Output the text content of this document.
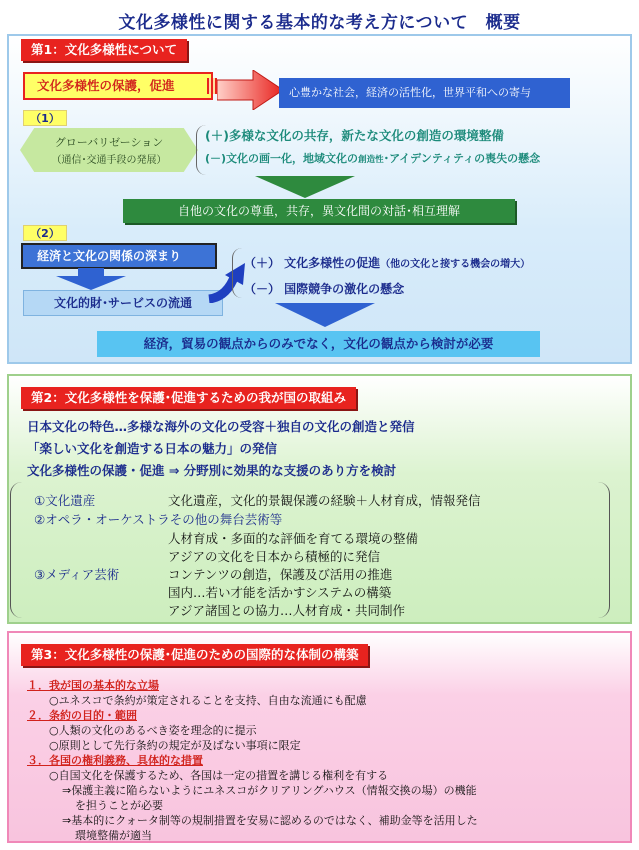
文化多様性に関する基本的な考え方について　概要
第1：文化多様性について
文化多様性の保護，促進	心豊かな社会，経済の活性化，世界平和への寄与
（1）
グローバリゼーション
（通信･交通手段の発展）
(＋)多様な文化の共存，新たな文化の創造の環境整備
(－)文化の画一化，地域文化の創造性･アイデンティティの喪失の懸念
自他の文化の尊重，共存，異文化間の対話･相互理解
（2）
経済と文化の関係の深まり
文化的財･サービスの流通
（＋） 文化多様性の促進（他の文化と接する機会の増大）
（－） 国際競争の激化の懸念
経済，貿易の観点からのみでなく，文化の観点から検討が必要
第2：文化多様性を保護･促進するための我が国の取組み
日本文化の特色…多様な海外の文化の受容＋独自の文化の創造と発信
「楽しい文化を創造する日本の魅力」の発信
文化多様性の保護・促進 ⇒ 分野別に効果的な支援のあり方を検討
①文化遺産	文化遺産，文化的景観保護の経験＋人材育成，情報発信
②オペラ・オーケストラその他の舞台芸術等
人材育成・多面的な評価を育てる環境の整備
アジアの文化を日本から積極的に発信
③メディア芸術	コンテンツの創造，保護及び活用の推進
国内…若い才能を活かすシステムの構築
アジア諸国との協力…人材育成・共同制作
第3：文化多様性の保護･促進のための国際的な体制の構築
１．我が国の基本的な立場
○ユネスコで条約が策定されることを支持、自由な流通にも配慮
２．条約の目的・範囲
○人類の文化のあるべき姿を理念的に提示
○原則として先行条約の規定が及ばない事項に限定
３．各国の権利義務、具体的な措置
○自国文化を保護するため、各国は一定の措置を講じる権利を有する
⇒保護主義に陥らないようにユネスコがクリアリングハウス（情報交換の場）の機能
を担うことが必要
⇒基本的にクォータ制等の規制措置を安易に認めるのではなく、補助金等を活用した
環境整備が適当
